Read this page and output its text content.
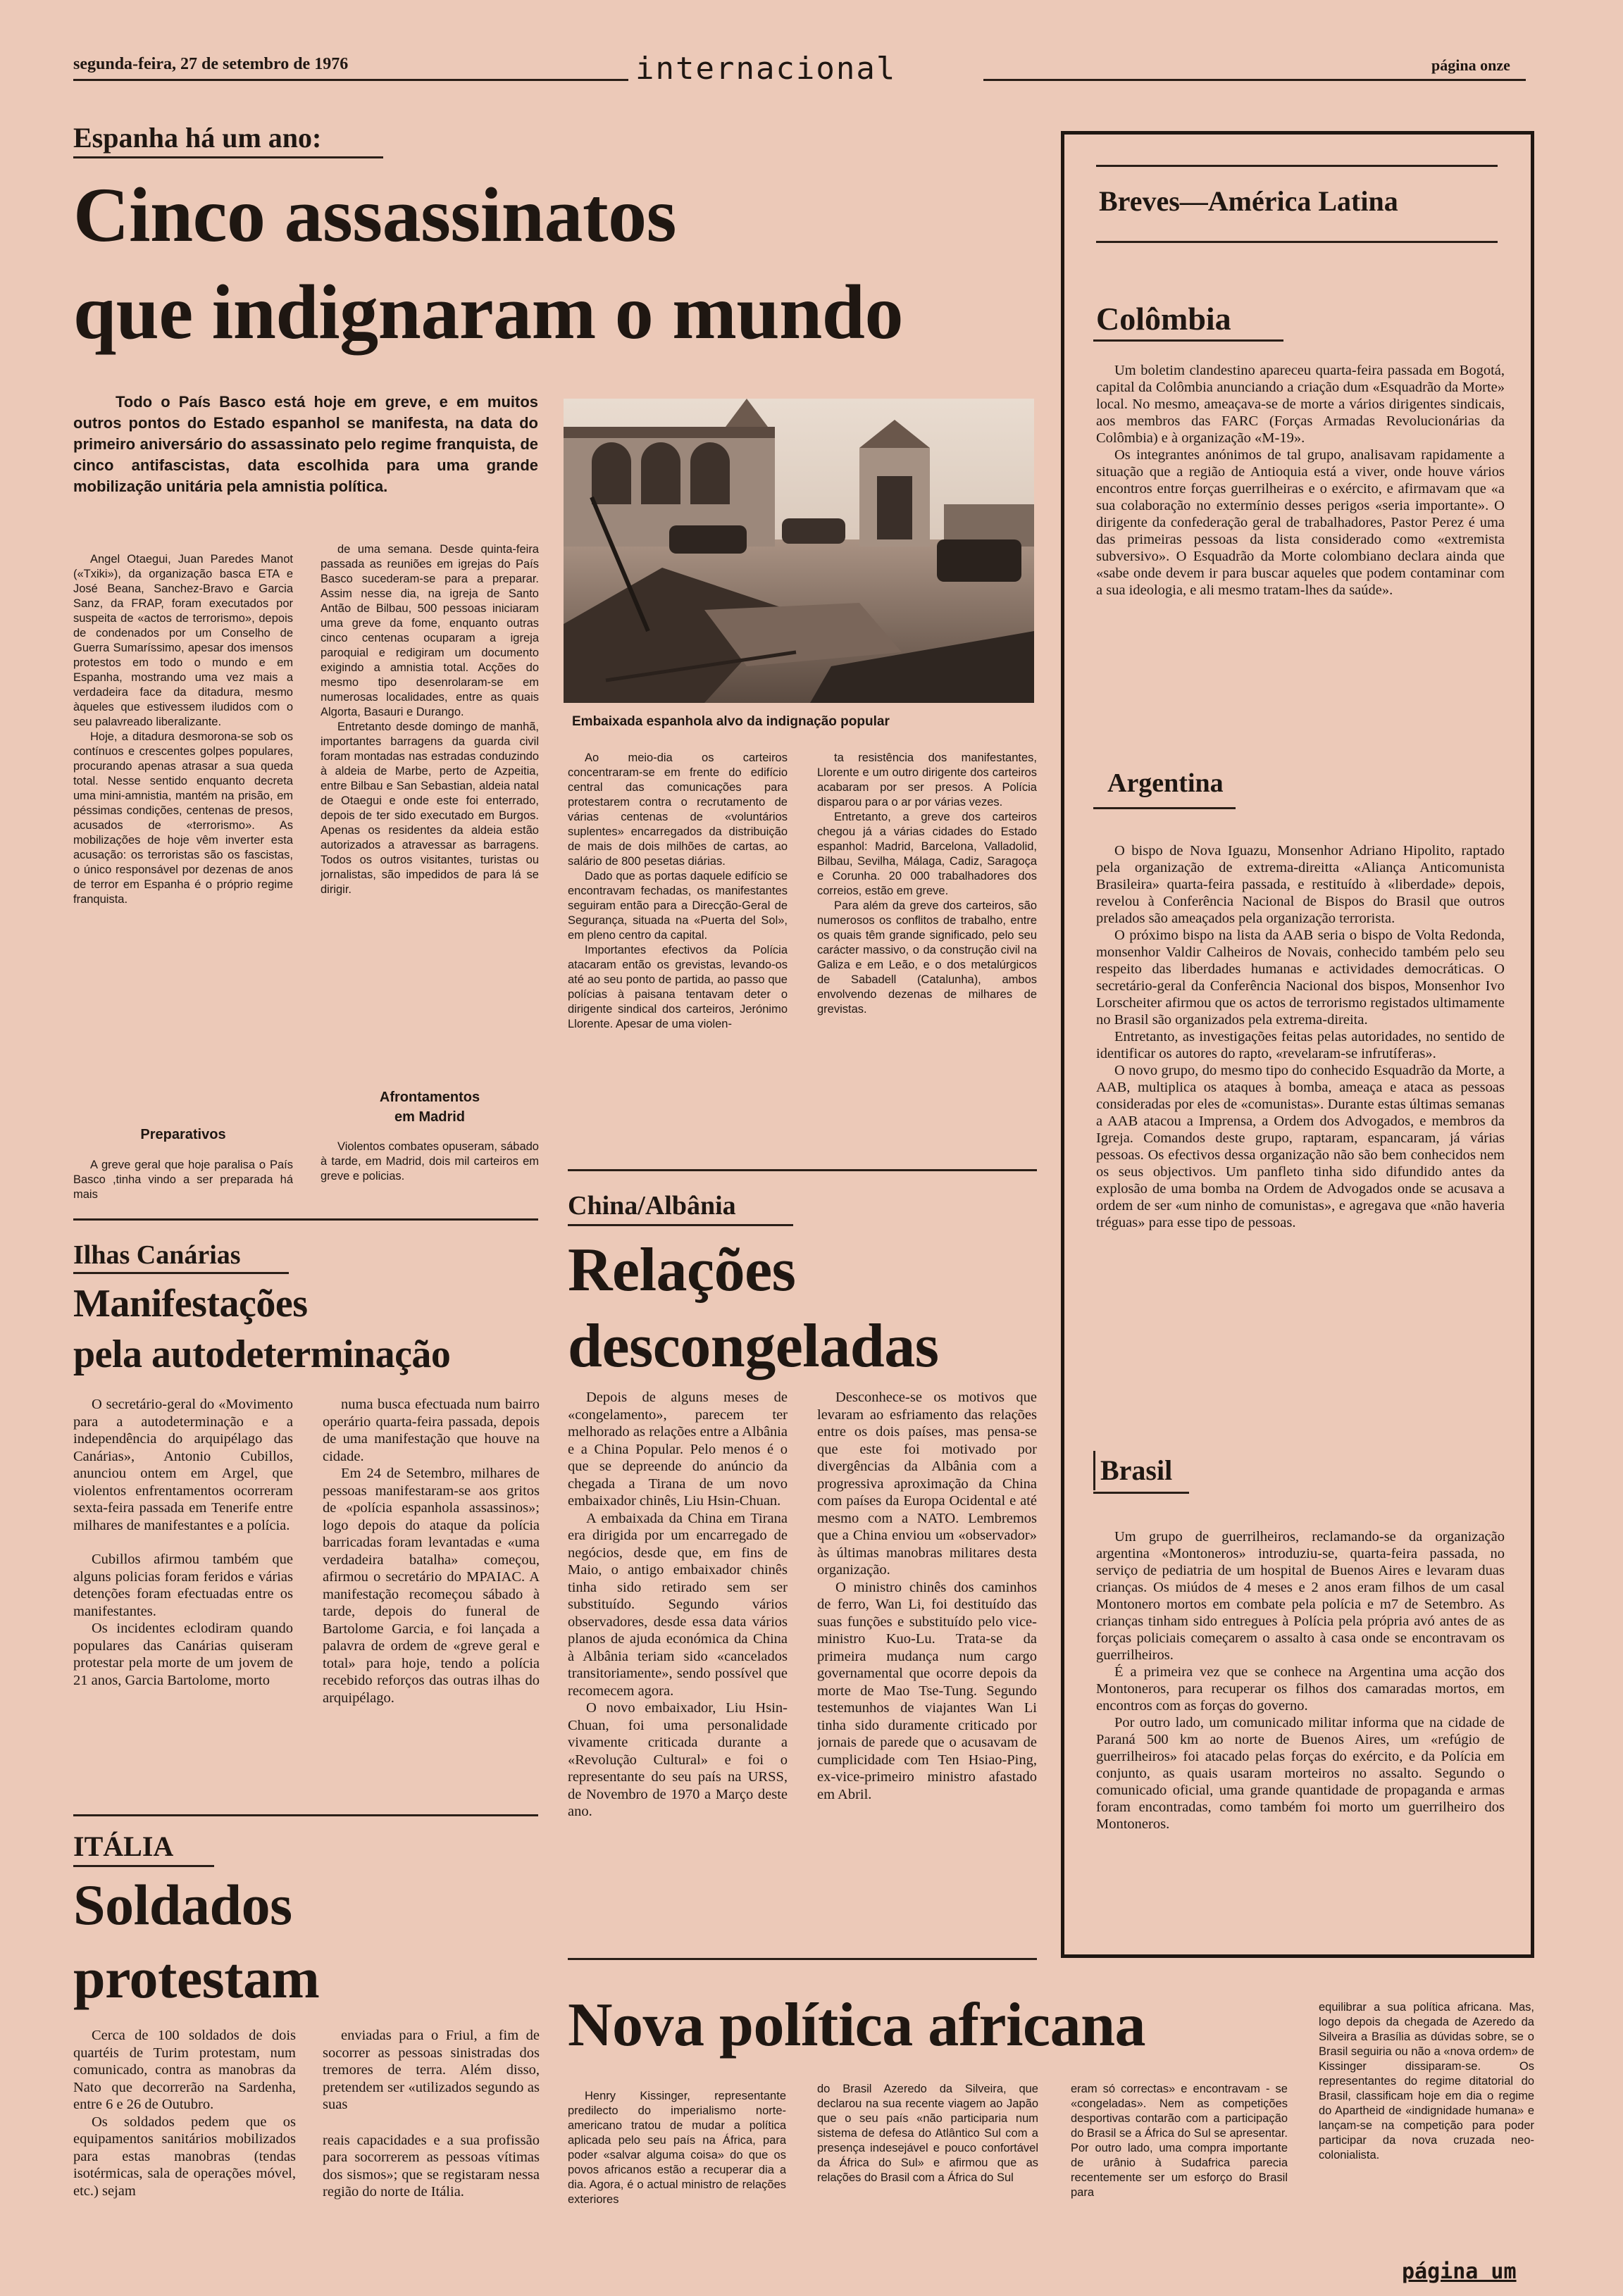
segunda-feira, 27 de setembro de 1976	internacional	página onze
Espanha há um ano:
Cinco assassinatos
que indignaram o mundo
Todo o País Basco está hoje em greve, e em muitos outros pontos do Estado espanhol se manifesta, na data do primeiro aniversário do assassinato pelo regime franquista, de cinco antifascistas, data escolhida para uma grande mobilização unitária pela amnistia política.
Embaixada espanhola alvo da indignação popular

Angel Otaegui, Juan Paredes Manot («Txiki»), da organização basca ETA e José Beana, Sanchez-Bravo e Garcia Sanz, da FRAP, foram executados por suspeita de «actos de terrorismo», depois de condenados por um Conselho de Guerra Sumaríssimo, apesar dos imensos protestos em todo o mundo e em Espanha, mostrando uma vez mais a verdadeira face da ditadura, mesmo àqueles que estivessem iludidos com o seu palavreado liberalizante.

Hoje, a ditadura desmorona-se sob os contínuos e crescentes golpes populares, procurando apenas atrasar a sua queda total. Nesse sentido enquanto decreta uma mini-amnistia, mantém na prisão, em péssimas condições, centenas de presos, acusados de «terrorismo». As mobilizações de hoje vêm inverter esta acusação: os terroristas são os fascistas, o único responsável por dezenas de anos de terror em Espanha é o próprio regime franquista.

Preparativos

A greve geral que hoje paralisa o País Basco ,tinha vindo a ser preparada há mais

de uma semana. Desde quinta-feira passada as reuniões em igrejas do País Basco sucederam-se para a preparar. Assim nesse dia, na igreja de Santo Antão de Bilbau, 500 pessoas iniciaram uma greve da fome, enquanto outras cinco centenas ocuparam a igreja paroquial e redigiram um documento exigindo a amnistia total. Acções do mesmo tipo desenrolaram-se em numerosas localidades, entre as quais Algorta, Basauri e Durango.

Entretanto desde domingo de manhã, importantes barragens da guarda civil foram montadas nas estradas conduzindo à aldeia de Marbe, perto de Azpeitia, entre Bilbau e San Sebastian, aldeia natal de Otaegui e onde este foi enterrado, depois de ter sido executado em Burgos. Apenas os residentes da aldeia estão autorizados a atravessar as barragens. Todos os outros visitantes, turistas ou jornalistas, são impedidos de para lá se dirigir.

Afrontamentos
em Madrid

Violentos combates opuseram, sábado à tarde, em Madrid, dois mil carteiros em greve e policias.

Ao meio-dia os carteiros concentraram-se em frente do edifício central das comunicações para protestarem contra o recrutamento de várias centenas de «voluntários suplentes» encarregados da distribuição de mais de dois milhões de cartas, ao salário de 800 pesetas diárias.

Dado que as portas daquele edifício se encontravam fechadas, os manifestantes seguiram então para a Direcção-Geral de Segurança, situada na «Puerta del Sol», em pleno centro da capital.

Importantes efectivos da Polícia atacaram então os grevistas, levando-os até ao seu ponto de partida, ao passo que polícias à paisana tentavam deter o dirigente sindical dos carteiros, Jerónimo Llorente. Apesar de uma violen-

ta resistência dos manifestantes, Llorente e um outro dirigente dos carteiros acabaram por ser presos. A Polícia disparou para o ar por várias vezes.

Entretanto, a greve dos carteiros chegou já a várias cidades do Estado espanhol: Madrid, Barcelona, Valladolid, Bilbau, Sevilha, Málaga, Cadiz, Saragoça e Corunha. 20 000 trabalhadores dos correios, estão em greve.

Para além da greve dos carteiros, são numerosos os conflitos de trabalho, entre os quais têm grande significado, pelo seu carácter massivo, o da construção civil na Galiza e em Leão, e o dos metalúrgicos de Sabadell (Catalunha), ambos envolvendo dezenas de milhares de grevistas.

Ilhas Canárias
Manifestações
pela autodeterminação

O secretário-geral do «Movimento para a autodeterminação e a independência do arquipélago das Canárias», Antonio Cubillos, anunciou ontem em Argel, que violentos enfrentamentos ocorreram sexta-feira passada em Tenerife entre milhares de manifestantes e a polícia.

Cubillos afirmou também que alguns policias foram feridos e várias detenções foram efectuadas entre os manifestantes.

Os incidentes eclodiram quando populares das Canárias quiseram protestar pela morte de um jovem de 21 anos, Garcia Bartolome, morto

numa busca efectuada num bairro operário quarta-feira passada, depois de uma manifestação que houve na cidade.

Em 24 de Setembro, milhares de pessoas manifestaram-se aos gritos de «polícia espanhola assassinos»; logo depois do ataque da polícia barricadas foram levantadas e «uma verdadeira batalha» começou, afirmou o secretário do MPAIAC. A manifestação recomeçou sábado à tarde, depois do funeral de Bartolome Garcia, e foi lançada a palavra de ordem de «greve geral e total» para hoje, tendo a polícia recebido reforços das outras ilhas do arquipélago.

ITÁLIA
Soldados
protestam

Cerca de 100 soldados de dois quartéis de Turim protestam, num comunicado, contra as manobras da Nato que decorrerão na Sardenha, entre 6 e 26 de Outubro.

Os soldados pedem que os equipamentos sanitários mobilizados para estas manobras (tendas isotérmicas, sala de operações móvel, etc.) sejam

enviadas para o Friul, a fim de socorrer as pessoas sinistradas dos tremores de terra. Além disso, pretendem ser «utilizados segundo as suas

reais capacidades e a sua profissão para socorrerem as pessoas vítimas dos sismos»; que se registaram nessa região do norte de Itália.

China/Albânia
Relações
descongeladas

Depois de alguns meses de «congelamento», parecem ter melhorado as relações entre a Albânia e a China Popular. Pelo menos é o que se depreende do anúncio da chegada a Tirana de um novo embaixador chinês, Liu Hsin-Chuan.

A embaixada da China em Tirana era dirigida por um encarregado de negócios, desde que, em fins de Maio, o antigo embaixador chinês tinha sido retirado sem ser substituído. Segundo vários observadores, desde essa data vários planos de ajuda económica da China à Albânia teriam sido «cancelados transitoriamente», sendo possível que recomecem agora.

O novo embaixador, Liu Hsin-Chuan, foi uma personalidade vivamente criticada durante a «Revolução Cultural» e foi o representante do seu país na URSS, de Novembro de 1970 a Março deste ano.

Desconhece-se os motivos que levaram ao esfriamento das relações entre os dois países, mas pensa-se que este foi motivado por divergências da Albânia com a progressiva aproximação da China com países da Europa Ocidental e até mesmo com a NATO. Lembremos que a China enviou um «observador» às últimas manobras militares desta organização.

O ministro chinês dos caminhos de ferro, Wan Li, foi destituído das suas funções e substituído pelo vice-ministro Kuo-Lu. Trata-se da primeira mudança num cargo governamental que ocorre depois da morte de Mao Tse-Tung. Segundo testemunhos de viajantes Wan Li tinha sido duramente criticado por jornais de parede que o acusavam de cumplicidade com Ten Hsiao-Ping, ex-vice-primeiro ministro afastado em Abril.

Nova política africana

Henry Kissinger, representante predilecto do imperialismo norte-americano tratou de mudar a política aplicada pelo seu país na África, para poder «salvar alguma coisa» do que os povos africanos estão a recuperar dia a dia. Agora, é o actual ministro de relações exteriores

do Brasil Azeredo da Silveira, que declarou na sua recente viagem ao Japão que o seu país «não participaria num sistema de defesa do Atlântico Sul com a presença indesejável e pouco confortável da África do Sul» e afirmou que as relações do Brasil com a África do Sul

eram só correctas» e encontravam - se «congeladas». Nem as competições desportivas contarão com a participação do Brasil se a África do Sul se apresentar. Por outro lado, uma compra importante de urânio à Sudafrica parecia recentemente ser um esforço do Brasil para

equilibrar a sua política africana. Mas, logo depois da chegada de Azeredo da Silveira a Brasília as dúvidas sobre, se o Brasil seguiria ou não a «nova ordem» de Kissinger dissiparam-se. Os representantes do regime ditatorial do Brasil, classificam hoje em dia o regime do Apartheid de «indignidade humana» e lançam-se na competição para poder participar da nova cruzada neo-colonialista.

Breves—América Latina
Colômbia

Um boletim clandestino apareceu quarta-feira passada em Bogotá, capital da Colômbia anunciando a criação dum «Esquadrão da Morte» local. No mesmo, ameaçava-se de morte a vários dirigentes sindicais, aos membros das FARC (Forças Armadas Revolucionárias da Colômbia) e à organização «M-19».

Os integrantes anónimos de tal grupo, analisavam rapidamente a situação que a região de Antioquia está a viver, onde houve vários encontros entre forças guerrilheiras e o exército, e afirmavam que «a sua colaboração no extermínio desses perigos «seria importante». O dirigente da confederação geral de trabalhadores, Pastor Perez é uma das primeiras pessoas da lista considerado como «extremista subversivo». O Esquadrão da Morte colombiano declara ainda que «sabe onde devem ir para buscar aqueles que podem contaminar com a sua ideologia, e ali mesmo tratam-lhes da saúde».

Argentina

O bispo de Nova Iguazu, Monsenhor Adriano Hipolito, raptado pela organização de extrema-direitta «Aliança Anticomunista Brasileira» quarta-feira passada, e restituído à «liberdade» depois, revelou à Conferência Nacional de Bispos do Brasil que outros prelados são ameaçados pela organização terrorista.

O próximo bispo na lista da AAB seria o bispo de Volta Redonda, monsenhor Valdir Calheiros de Novais, conhecido também pelo seu respeito das liberdades humanas e actividades democráticas. O secretário-geral da Conferência Nacional dos bispos, Monsenhor Ivo Lorscheiter afirmou que os actos de terrorismo registados ultimamente no Brasil são organizados pela extrema-direita.

Entretanto, as investigações feitas pelas autoridades, no sentido de identificar os autores do rapto, «revelaram-se infrutíferas».

O novo grupo, do mesmo tipo do conhecido Esquadrão da Morte, a AAB, multiplica os ataques à bomba, ameaça e ataca as pessoas consideradas por eles de «comunistas». Durante estas últimas semanas a AAB atacou a Imprensa, a Ordem dos Advogados, e membros da Igreja. Comandos deste grupo, raptaram, espancaram, já várias pessoas. Os efectivos dessa organização não são bem conhecidos nem os seus objectivos. Um panfleto tinha sido difundido antes da explosão de uma bomba na Ordem de Advogados onde se acusava a ordem de ser «um ninho de comunistas», e agregava que «não haveria tréguas» para esse tipo de pessoas.

Brasil

Um grupo de guerrilheiros, reclamando-se da organização argentina «Montoneros» introduziu-se, quarta-feira passada, no serviço de pediatria de um hospital de Buenos Aires e levaram duas crianças. Os miúdos de 4 meses e 2 anos eram filhos de um casal Montonero mortos em combate pela polícia e m7 de Setembro. As crianças tinham sido entregues à Polícia pela própria avó antes de as forças policiais começarem o assalto à casa onde se encontravam os guerrilheiros.

É a primeira vez que se conhece na Argentina uma acção dos Montoneros, para recuperar os filhos dos camaradas mortos, em encontros com as forças do governo.

Por outro lado, um comunicado militar informa que na cidade de Paraná 500 km ao norte de Buenos Aires, um «refúgio de guerrilheiros» foi atacado pelas forças do exército, e da Polícia em conjunto, as quais usaram morteiros no assalto. Segundo o comunicado oficial, uma grande quantidade de propaganda e armas foram encontradas, como também foi morto um guerrilheiro dos Montoneros.

página um
